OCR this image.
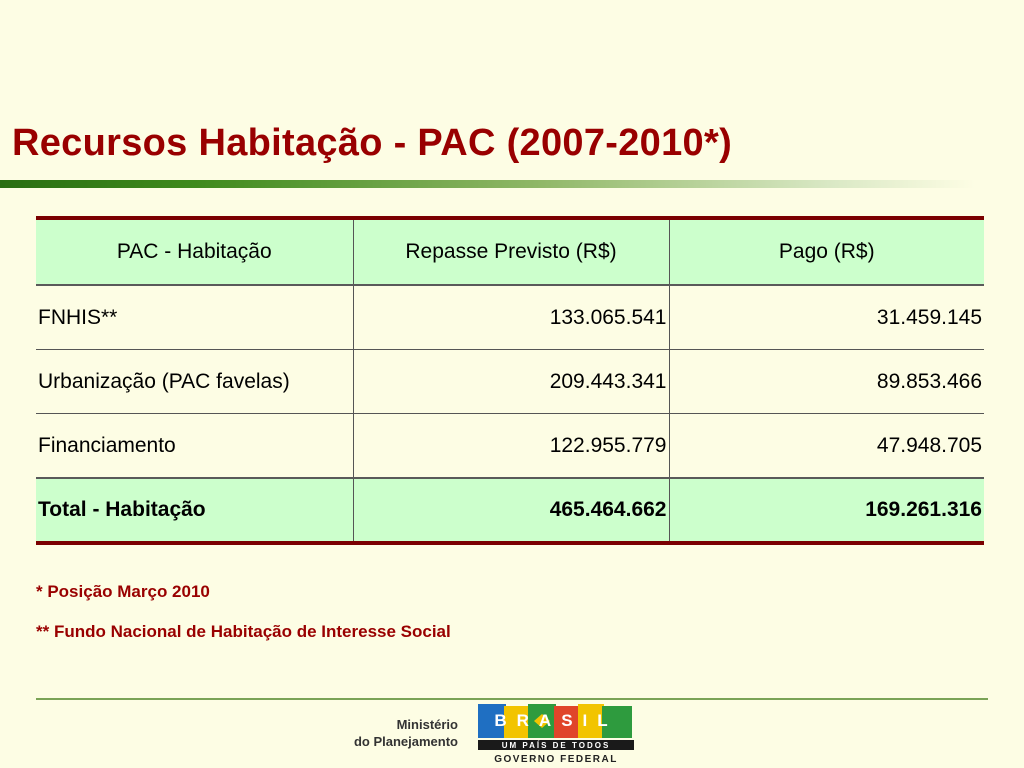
Recursos Habitação - PAC (2007-2010*)
PAC - Habitação	Repasse Previsto (R$)	Pago (R$)
FNHIS**	133.065.541	31.459.145
Urbanização (PAC favelas)	209.443.341	89.853.466
Financiamento	122.955.779	47.948.705
Total - Habitação	465.464.662	169.261.316
* Posição Março 2010
** Fundo Nacional de Habitação de Interesse Social
Ministério
do Planejamento
BRASIL
UM PAÍS DE TODOS
GOVERNO FEDERAL
